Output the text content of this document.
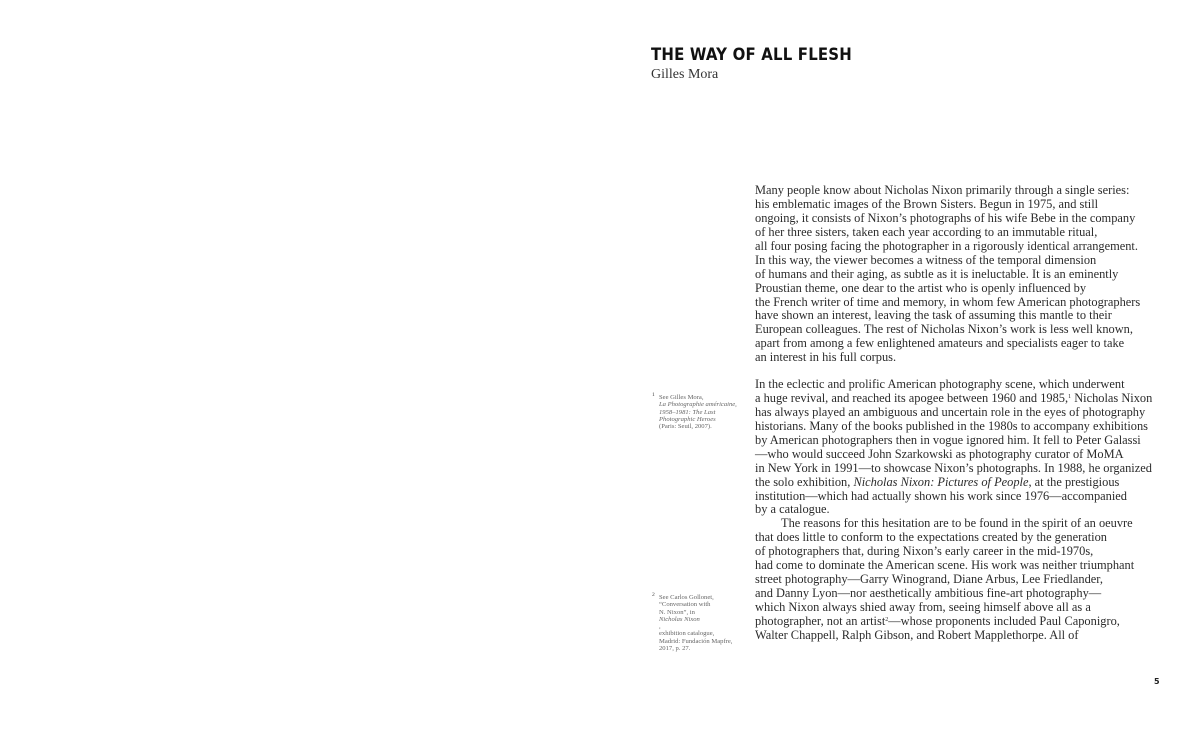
THE WAY OF ALL FLESH
Gilles Mora
Many people know about Nicholas Nixon primarily through a single series:
his emblematic images of the Brown Sisters. Begun in 1975, and still
ongoing, it consists of Nixon’s photographs of his wife Bebe in the company
of her three sisters, taken each year according to an immutable ritual,
all four posing facing the photographer in a rigorously identical arrangement.
In this way, the viewer becomes a witness of the temporal dimension
of humans and their aging, as subtle as it is ineluctable. It is an eminently
Proustian theme, one dear to the artist who is openly influenced by
the French writer of time and memory, in whom few American photographers
have shown an interest, leaving the task of assuming this mantle to their
European colleagues. The rest of Nicholas Nixon’s work is less well known,
apart from among a few enlightened amateurs and specialists eager to take
an interest in his full corpus.
In the eclectic and prolific American photography scene, which underwent
a huge revival, and reached its apogee between 1960 and 1985,$^1$ Nicholas Nixon
has always played an ambiguous and uncertain role in the eyes of photography
historians. Many of the books published in the 1980s to accompany exhibitions
by American photographers then in vogue ignored him. It fell to Peter Galassi
—who would succeed John Szarkowski as photography curator of MoMA
in New York in 1991—to showcase Nixon’s photographs. In 1988, he organized
the solo exhibition, Nicholas Nixon: Pictures of People, at the prestigious
institution—which had actually shown his work since 1976—accompanied
by a catalogue.
The reasons for this hesitation are to be found in the spirit of an oeuvre
that does little to conform to the expectations created by the generation
of photographers that, during Nixon’s early career in the mid-1970s,
had come to dominate the American scene. His work was neither triumphant
street photography—Garry Winogrand, Diane Arbus, Lee Friedlander,
and Danny Lyon—nor aesthetically ambitious fine-art photography—
which Nixon always shied away from, seeing himself above all as a
photographer, not an artist$^2$—whose proponents included Paul Caponigro,
Walter Chappell, Ralph Gibson, and Robert Mapplethorpe. All of
1 See Gilles Mora,
La Photographie américaine,
1958–1981: The Last
Photographic Heroes
(Paris: Seuil, 2007).
2 See Carlos Gollonet,
“Conversation with
N. Nixon”, in
Nicholas Nixon
,
exhibition catalogue,
Madrid: Fundación Mapfre,
2017, p. 27.
5
